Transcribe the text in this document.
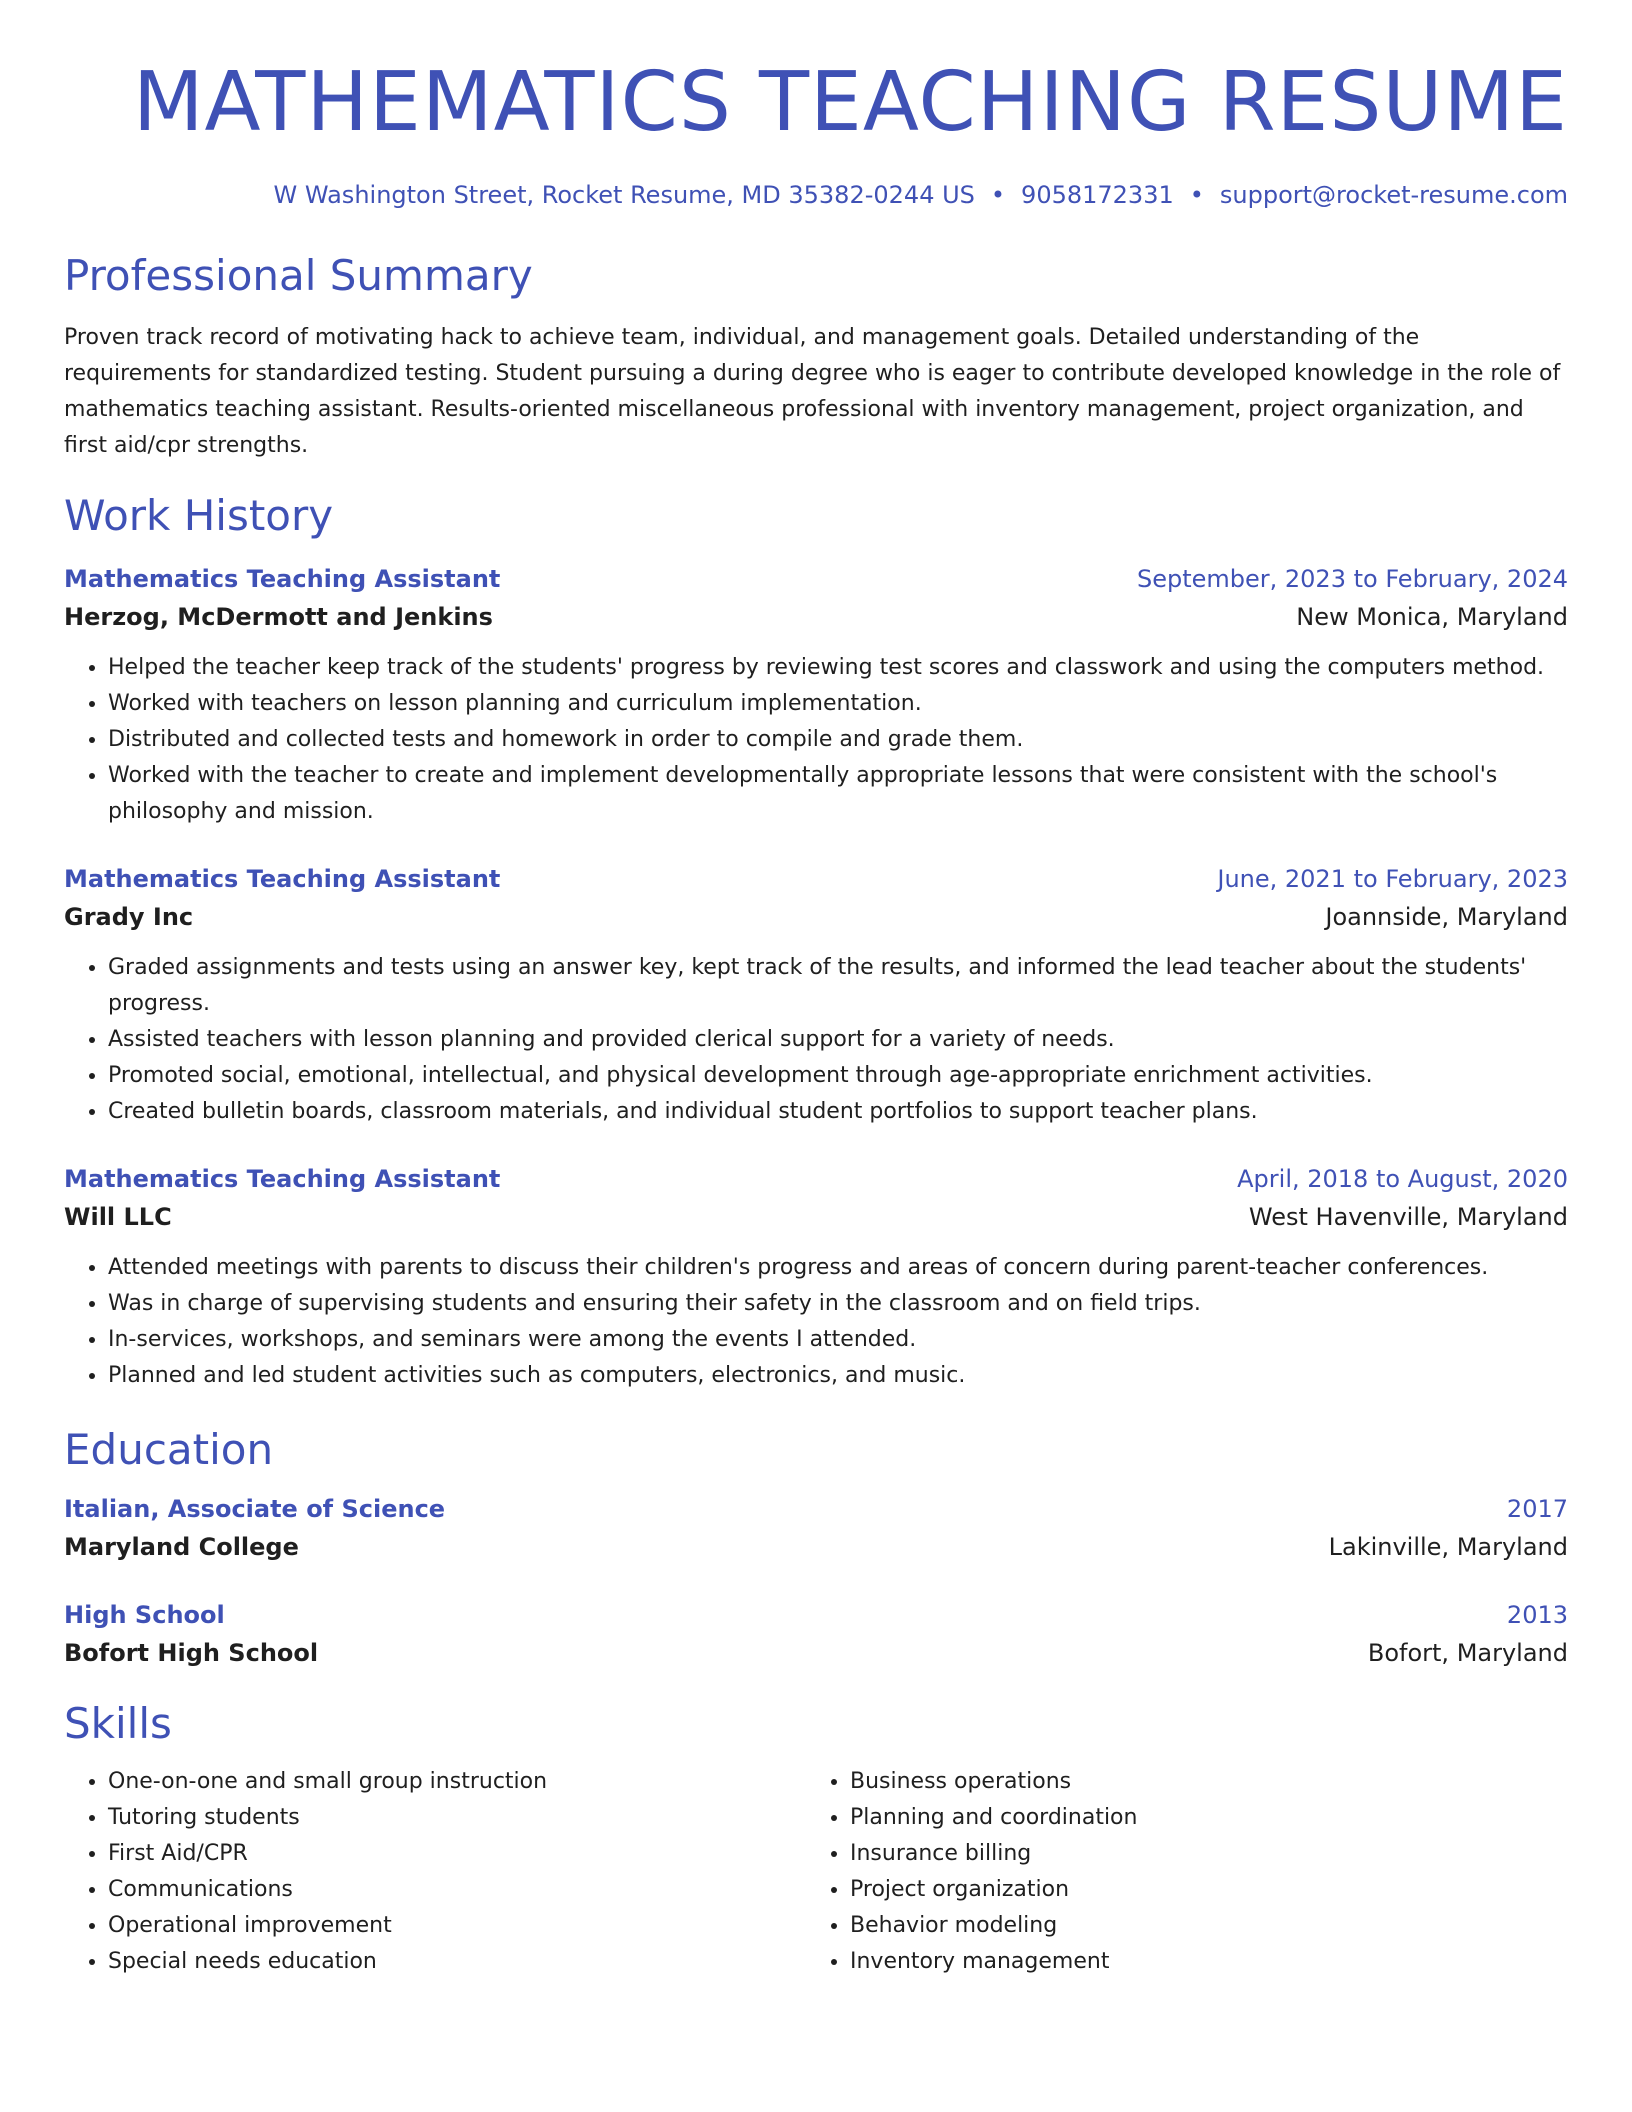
MATHEMATICS TEACHING RESUME
W Washington Street, Rocket Resume, MD 35382-0244 US • 9058172331 • support@rocket-resume.com
Professional Summary

Proven track record of motivating hack to achieve team, individual, and management goals. Detailed understanding of the requirements for standardized testing. Student pursuing a during degree who is eager to contribute developed knowledge in the role of mathematics teaching assistant. Results-oriented miscellaneous professional with inventory management, project organization, and first aid/cpr strengths.

Work History
Mathematics Teaching Assistant	September, 2023 to February, 2024
Herzog, McDermott and Jenkins	New Monica, Maryland
• Helped the teacher keep track of the students' progress by reviewing test scores and classwork and using the computers method.
• Worked with teachers on lesson planning and curriculum implementation.
• Distributed and collected tests and homework in order to compile and grade them.
• Worked with the teacher to create and implement developmentally appropriate lessons that were consistent with the school's philosophy and mission.
Mathematics Teaching Assistant	June, 2021 to February, 2023
Grady Inc	Joannside, Maryland
• Graded assignments and tests using an answer key, kept track of the results, and informed the lead teacher about the students' progress.
• Assisted teachers with lesson planning and provided clerical support for a variety of needs.
• Promoted social, emotional, intellectual, and physical development through age-appropriate enrichment activities.
• Created bulletin boards, classroom materials, and individual student portfolios to support teacher plans.
Mathematics Teaching Assistant	April, 2018 to August, 2020
Will LLC	West Havenville, Maryland
• Attended meetings with parents to discuss their children's progress and areas of concern during parent-teacher conferences.
• Was in charge of supervising students and ensuring their safety in the classroom and on field trips.
• In-services, workshops, and seminars were among the events I attended.
• Planned and led student activities such as computers, electronics, and music.
Education
Italian, Associate of Science	2017
Maryland College	Lakinville, Maryland
High School	2013
Bofort High School	Bofort, Maryland
Skills
• One-on-one and small group instruction
• Tutoring students
• First Aid/CPR
• Communications
• Operational improvement
• Special needs education
• Business operations
• Planning and coordination
• Insurance billing
• Project organization
• Behavior modeling
• Inventory management
